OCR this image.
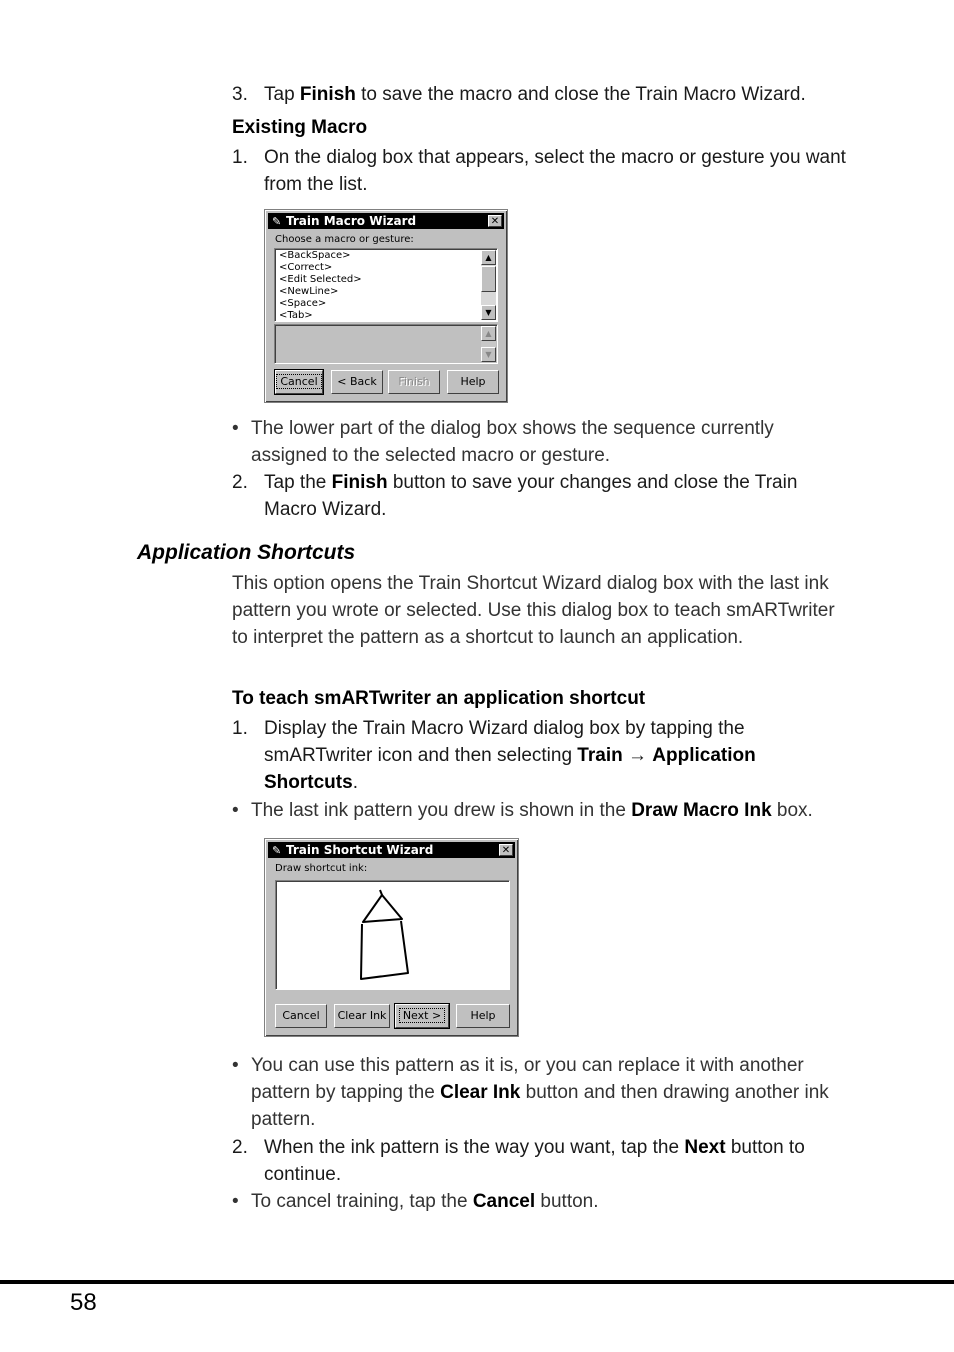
3. Tap Finish to save the macro and close the Train Macro Wizard.
Existing Macro
1. On the dialog box that appears, select the macro or gesture you want from the list.
✎ Train Macro Wizard	✕
Choose a macro or gesture:
<BackSpace>
<Correct>
<Edit Selected>
<NewLine>
<Space>
<Tab>
▲
▼
▲
▼
Cancel	< Back	Finish	Help
• The lower part of the dialog box shows the sequence currently assigned to the selected macro or gesture.
2. Tap the Finish button to save your changes and close the Train Macro Wizard.
Application Shortcuts
This option opens the Train Shortcut Wizard dialog box with the last ink pattern you wrote or selected. Use this dialog box to teach smARTwriter to interpret the pattern as a shortcut to launch an application.
To teach smARTwriter an application shortcut
1. Display the Train Macro Wizard dialog box by tapping the smARTwriter icon and then selecting Train → Application Shortcuts.
• The last ink pattern you drew is shown in the Draw Macro Ink box.
✎ Train Shortcut Wizard	✕
Draw shortcut ink:
Cancel	Clear Ink	Next >	Help
• You can use this pattern as it is, or you can replace it with another pattern by tapping the Clear Ink button and then drawing another ink pattern.
2. When the ink pattern is the way you want, tap the Next button to continue.
• To cancel training, tap the Cancel button.
58
